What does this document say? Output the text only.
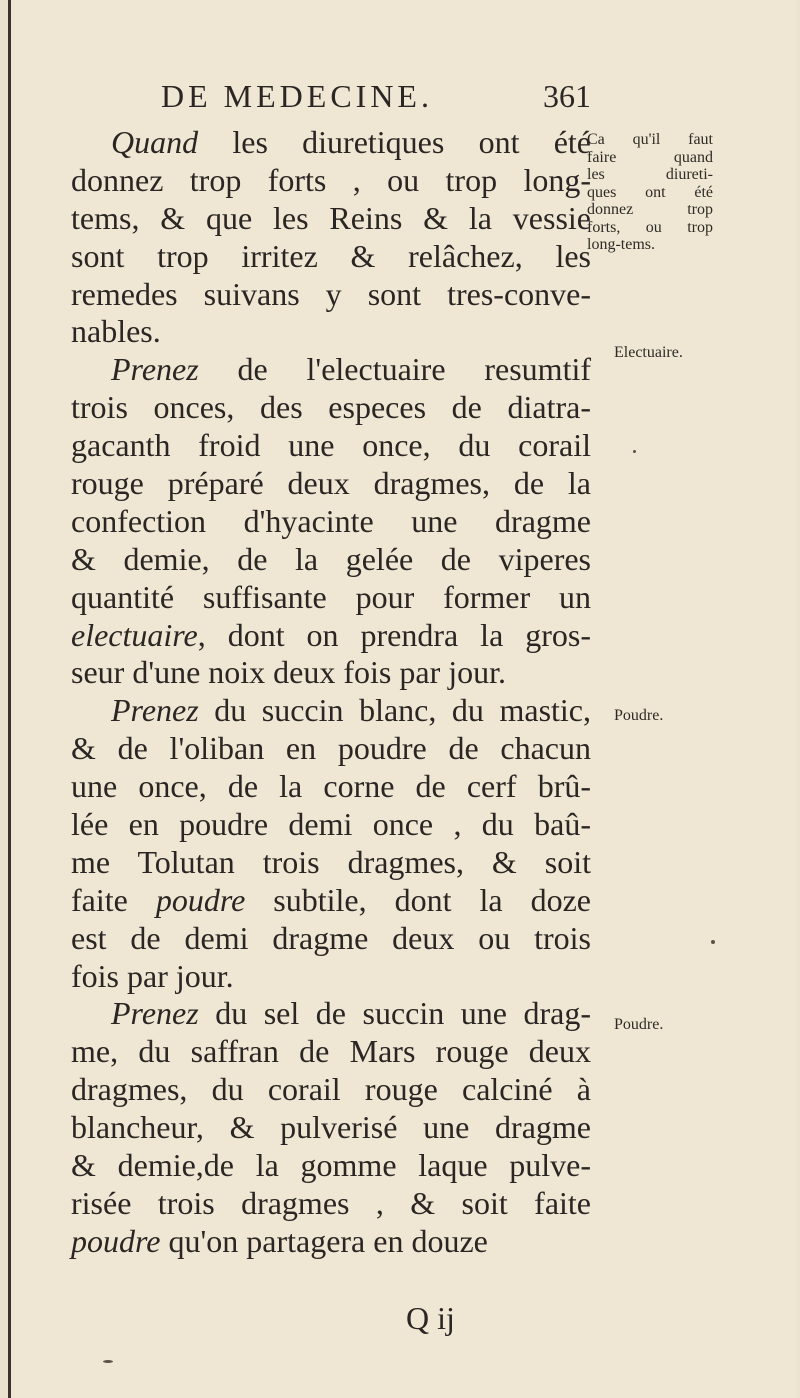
DE MEDECINE.	361
Quand les diuretiques ont été
donnez trop forts , ou trop long-
tems, & que les Reins & la vessie
sont trop irritez & relâchez, les
remedes suivans y sont tres-conve-
nables.
Prenez de l'electuaire resumtif
trois onces, des especes de diatra-
gacanth froid une once, du corail
rouge préparé deux dragmes, de la
confection d'hyacinte une dragme
& demie, de la gelée de viperes
quantité suffisante pour former un
electuaire, dont on prendra la gros-
seur d'une noix deux fois par jour.
Prenez du succin blanc, du mastic,
& de l'oliban en poudre de chacun
une once, de la corne de cerf brû-
lée en poudre demi once , du baû-
me Tolutan trois dragmes, & soit
faite poudre subtile, dont la doze
est de demi dragme deux ou trois
fois par jour.
Prenez du sel de succin une drag-
me, du saffran de Mars rouge deux
dragmes, du corail rouge calciné à
blancheur, & pulverisé une dragme
& demie,de la gomme laque pulve-
risée trois dragmes , & soit faite
poudre qu'on partagera en douze
Ca qu'il faut
faire quand
les diureti-
ques ont été
donnez trop
forts, ou trop
long-tems.
Electuaire.
Poudre.
Poudre.
Q ij
